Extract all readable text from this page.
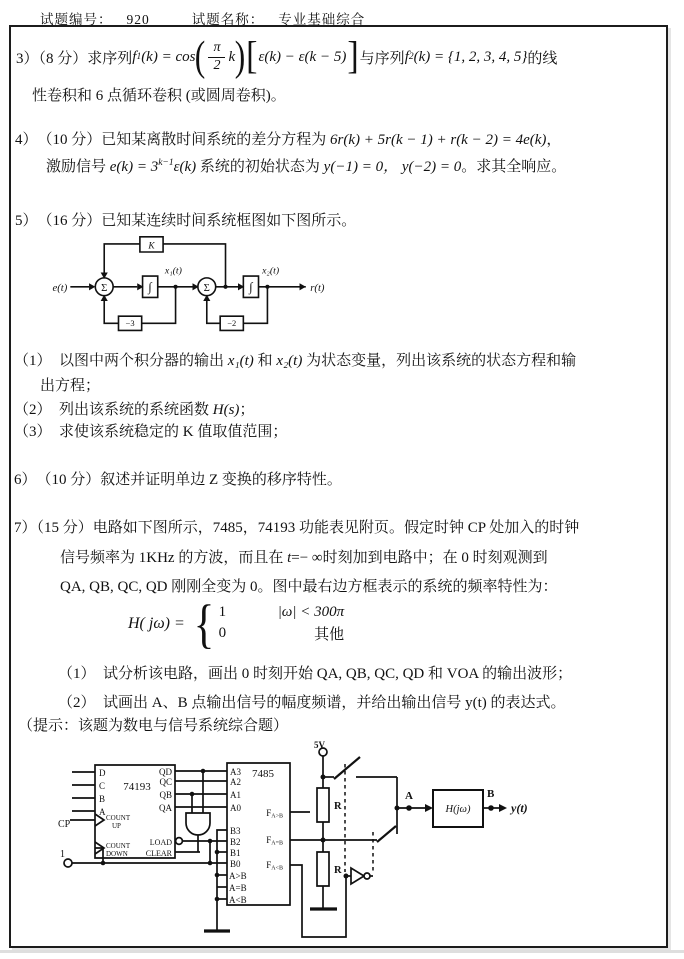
试题编号： 920	试题名称： 专业基础综合
3）（8 分）求序列 f 1 (k) = cos ( $\frac{\pi}{2}$ k ) [ ε(k) − ε(k − 5) ] 与序列 f 2 (k) = {1, 2, 3, 4, 5} 的线
性卷积和 6 点循环卷积 (或圆周卷积)。
4）　（10 分）已知某离散时间系统的差分方程为 6r(k) + 5r(k − 1) + r(k − 2) = 4e(k)，
激励信号 $e(k) = 3^{k-1}\varepsilon(k)$ 系统的初始状态为 y(−1) = 0， y(−2) = 0。求其全响应。
5）　（16 分）已知某连续时间系统框图如下图所示。
e(t)	r(t)
x₁(t)	x₂(t)
K
Σ	Σ
∫	∫
−3	−2
（1）　以图中两个积分器的输出 x₁(t) 和 x₂(t) 为状态变量，列出该系统的状态方程和输
出方程；
（2）　列出该系统的系统函数 H(s)；
（3）　求使该系统稳定的 K 值取值范围；
6）　（10 分）叙述并证明单边 Z 变换的移序特性。
7）（15 分）电路如下图所示，7485，74193 功能表见附页。假定时钟 CP 处加入的时钟
信号频率为 1KHz 的方波，而且在 t=− ∞时刻加到电路中；在 0 时刻观测到
QA, QB, QC, QD 刚刚全变为 0。图中最右边方框表示的系统的频率特性为：
H( jω) = { 1	|ω| < 300π
0	其他
（1）　试分析该电路，画出 0 时刻开始 QA, QB, QC, QD 和 VOA 的输出波形；
（2）　试画出 A、B 点输出信号的幅度频谱，并给出输出信号 y(t) 的表达式。
（提示：该题为数电与信号系统综合题）
D
C
B
A
QD
QC
QB
QA
LOAD
CLEAR
A3
A2
A1
A0
B3
B2
B1
B0
A>B
A=B
A<B
COUNT
UP
COUNT
DOWN
74193
7485
CP
1
FA>B
FA=B
FA<B
5V
R
R
A	B
H(jω)	y(t)
